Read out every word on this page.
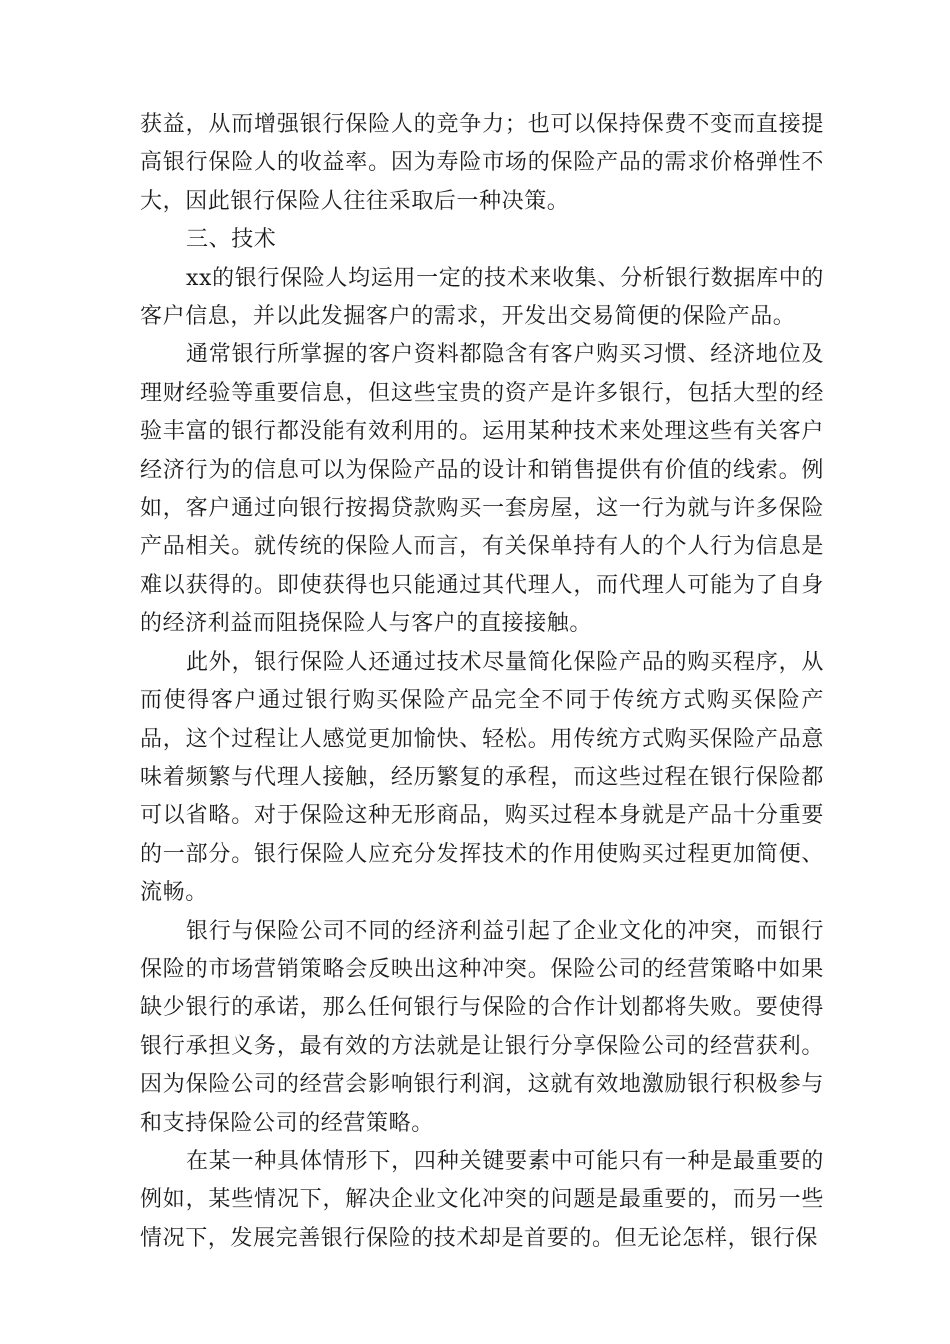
获益，从而增强银行保险人的竞争力；也可以保持保费不变而直接提高银行保险人的收益率。因为寿险市场的保险产品的需求价格弹性不大，因此银行保险人往往采取后一种决策。

三、技术

xx的银行保险人均运用一定的技术来收集、分析银行数据库中的客户信息，并以此发掘客户的需求，开发出交易简便的保险产品。

通常银行所掌握的客户资料都隐含有客户购买习惯、经济地位及理财经验等重要信息，但这些宝贵的资产是许多银行，包括大型的经验丰富的银行都没能有效利用的。运用某种技术来处理这些有关客户经济行为的信息可以为保险产品的设计和销售提供有价值的线索。例如，客户通过向银行按揭贷款购买一套房屋，这一行为就与许多保险产品相关。就传统的保险人而言，有关保单持有人的个人行为信息是难以获得的。即使获得也只能通过其代理人，而代理人可能为了自身的经济利益而阻挠保险人与客户的直接接触。

此外，银行保险人还通过技术尽量简化保险产品的购买程序，从而使得客户通过银行购买保险产品完全不同于传统方式购买保险产品，这个过程让人感觉更加愉快、轻松。用传统方式购买保险产品意味着频繁与代理人接触，经历繁复的承程，而这些过程在银行保险都可以省略。对于保险这种无形商品，购买过程本身就是产品十分重要的一部分。银行保险人应充分发挥技术的作用使购买过程更加简便、流畅。

银行与保险公司不同的经济利益引起了企业文化的冲突，而银行保险的市场营销策略会反映出这种冲突。保险公司的经营策略中如果缺少银行的承诺，那么任何银行与保险的合作计划都将失败。要使得银行承担义务，最有效的方法就是让银行分享保险公司的经营获利。因为保险公司的经营会影响银行利润，这就有效地激励银行积极参与和支持保险公司的经营策略。

在某一种具体情形下，四种关键要素中可能只有一种是最重要的例如，某些情况下，解决企业文化冲突的问题是最重要的，而另一些情况下，发展完善银行保险的技术却是首要的。但无论怎样，银行保
